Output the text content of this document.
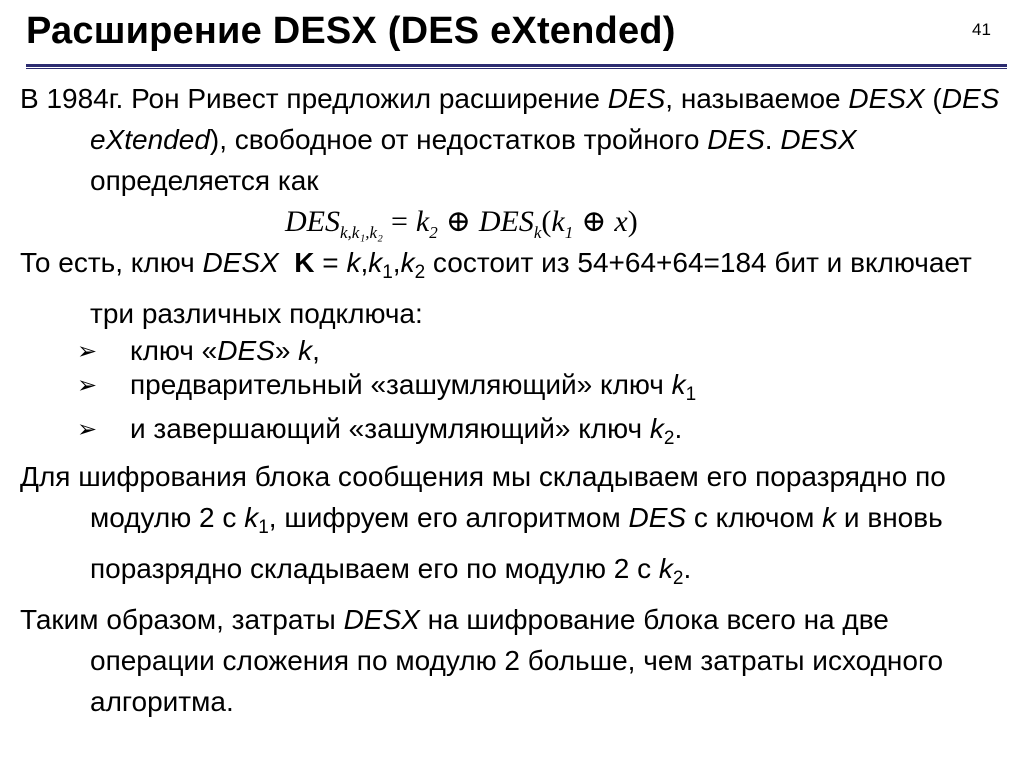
Расширение DESX (DES eXtended)	41

В 1984г. Рон Ривест предложил расширение DES, называемое DESX (DES eXtended), свободное от недостатков тройного DES. DESX определяется как

$DES_{k,k_1,k_2} = k_2$ ⊕ $DES_k(k_1$ ⊕ x)

То есть, ключ DESX $K = k,k_1,k_2$ состоит из 54+64+64=184 бит и включает три различных подключа:

➢ ключ «DES» k,
➢ предварительный «зашумляющий» ключ $k_1$
➢ и завершающий «зашумляющий» ключ $k_2$.

Для шифрования блока сообщения мы складываем его поразрядно по модулю 2 с $k_1$, шифруем его алгоритмом DES с ключом k и вновь поразрядно складываем его по модулю 2 с $k_2$.

Таким образом, затраты DESX на шифрование блока всего на две операции сложения по модулю 2 больше, чем затраты исходного алгоритма.
